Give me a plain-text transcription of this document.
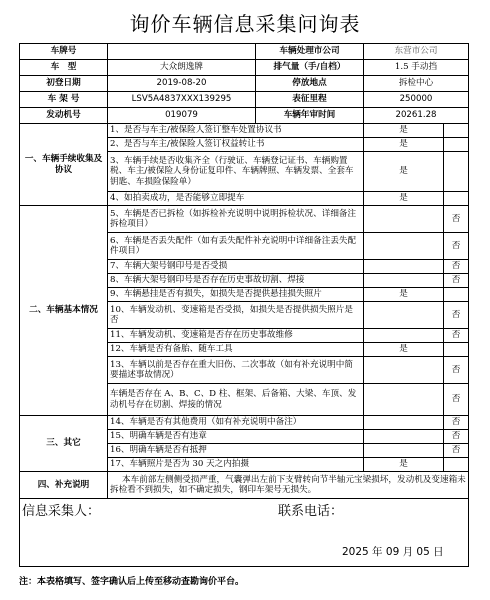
询价车辆信息采集问询表
车牌号		车辆处理市公司	东营市公司	
车　型	大众朗逸牌	排气量（手/自档）	1.5 手动挡	
初登日期	2019-08-20	停放地点	拆检中心	
车 架 号	LSV5A4837XXX139295	表征里程	250000	
发动机号	019079	车辆年审时间	20261.28	
一、车辆手续收集及协议	1、是否与车主/被保险人签订整车处置协议书		是	
	2、是否与车主/被保险人签订权益转让书		是	
	3、车辆手续是否收集齐全（行驶证、车辆登记证书、车辆购置税、车主/被保险人身份证复印件、车辆牌照、车辆发票、全套车钥匙、车损险保险单）		是	
	4、如拍卖成功，是否能够立即提车		是	
二、车辆基本情况	5、车辆是否已拆检（如拆检补充说明中说明拆检状况、详细备注拆检项目）			否
	6、车辆是否丢失配件（如有丢失配件补充说明中详细备注丢失配件项目）			否
	7、车辆大架号钢印号是否受损			否
	8、车辆大架号钢印号是否存在历史事故切割、焊接			否
	9、车辆悬挂是否有损失，如损失是否提供悬挂损失照片		是	
	10、车辆发动机、变速箱是否受损，如损失是否提供损失照片是否			否
	11、车辆发动机、变速箱是否存在历史事故维修			否
	12、车辆是否有备胎、随车工具		是	
	13、车辆以前是否存在重大旧伤、二次事故（如有补充说明中简要描述事故情况）			否
	车辆是否存在 A、B、C、D 柱、框架、后备箱、大梁、车顶、发动机号存在切割、焊接的情况			否
三、其它	14、车辆是否有其他费用（如有补充说明中备注）			否
	15、明确车辆是否有违章			否
	16、明确车辆是否有抵押			否
	17、车辆照片是否为 30 天之内拍摄		是	
四、补充说明	本车前部左侧侧受损严重，气囊弹出左前下支臂转向节半轴元宝梁损坏，发动机及变速箱未拆检看不到损失，如不确定损失，钢印车架号无损失。			

信息采集人： 联系电话：
2025 年 09 月 05 日				
注：本表格填写、签字确认后上传至移动查勘询价平台。
